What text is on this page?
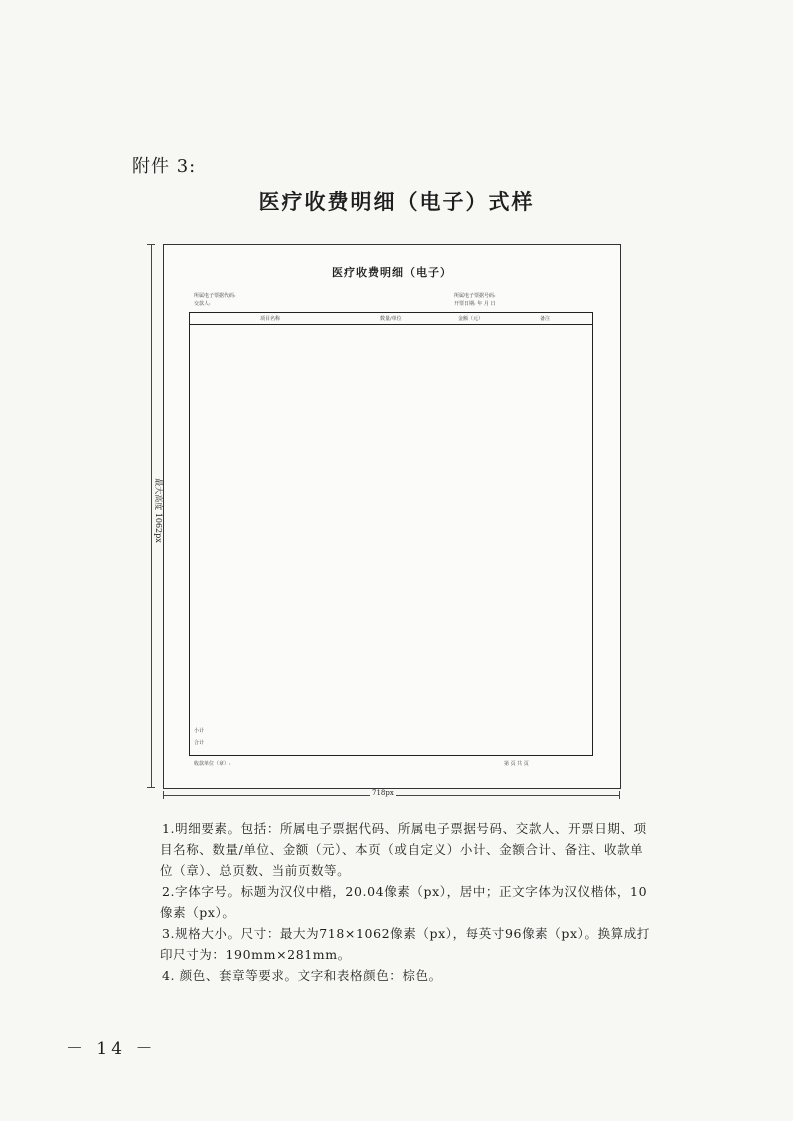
附件 3:
医疗收费明细（电子）式样
最大高度 1062px
医疗收费明细（电子）
所属电子票据代码:
交款人:
所属电子票据号码:
开票日期: 年 月 日
项目名称	数量/单位	金额（元）	备注
小计
合计
收款单位（章）:	第 页 共 页
718px

1.明细要素。包括：所属电子票据代码、所属电子票据号码、交款人、开票日期、项目名称、数量/单位、金额（元）、本页（或自定义）小计、金额合计、备注、收款单位（章）、总页数、当前页数等。

2.字体字号。标题为汉仪中楷，20.04像素（px），居中；正文字体为汉仪楷体，10像素（px）。

3.规格大小。尺寸：最大为718×1062像素（px），每英寸96像素（px）。换算成打印尺寸为：190mm×281mm。

4. 颜色、套章等要求。文字和表格颜色：棕色。

－ 14 －
